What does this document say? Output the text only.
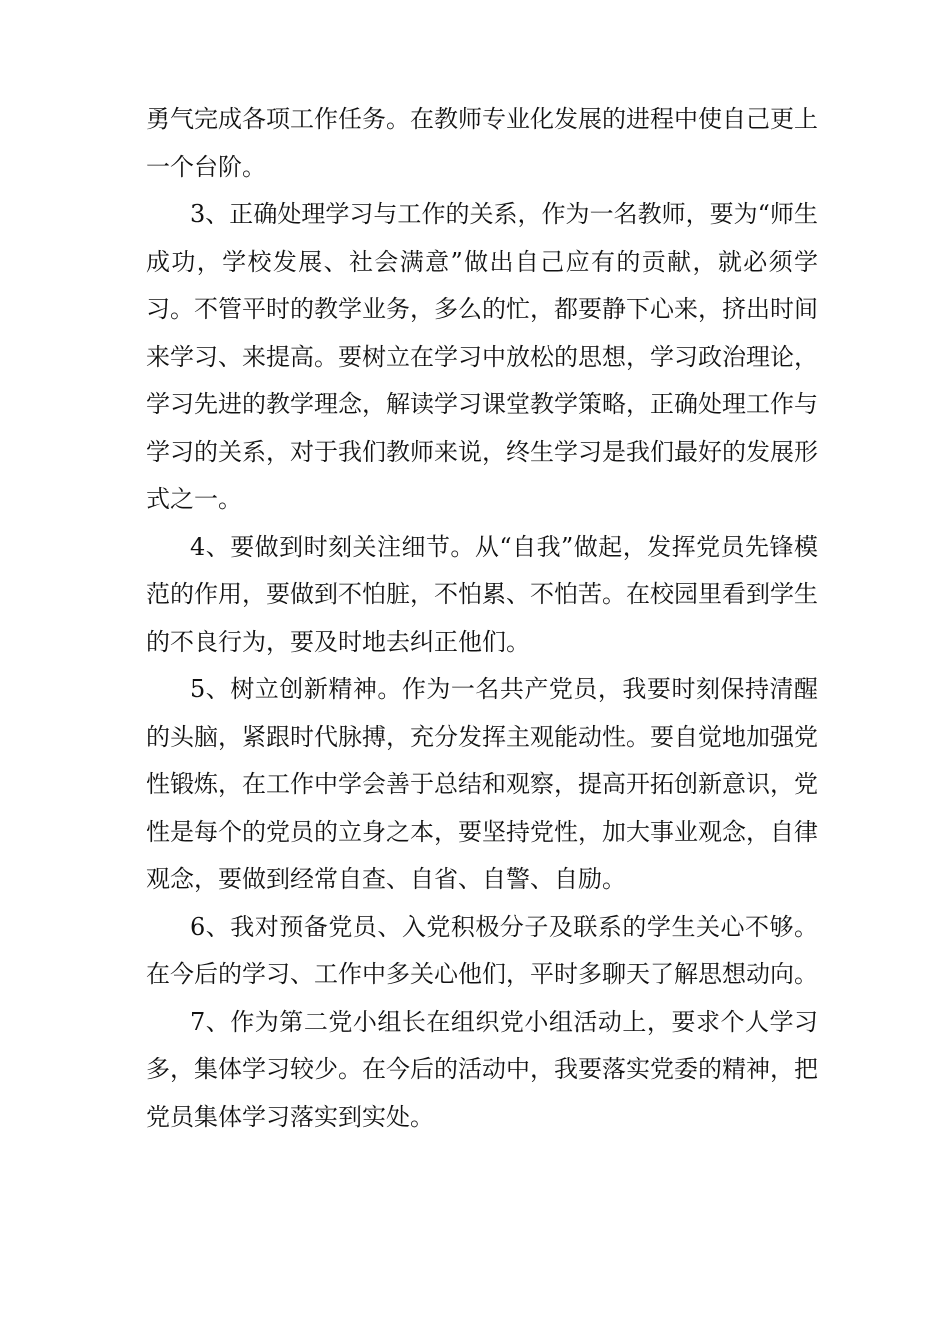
勇气完成各项工作任务。在教师专业化发展的进程中使自己更上一个台阶。

3、正确处理学习与工作的关系，作为一名教师，要为“师生成功，学校发展、社会满意”做出自己应有的贡献，就必须学习。不管平时的教学业务，多么的忙，都要静下心来，挤出时间来学习、来提高。要树立在学习中放松的思想，学习政治理论，学习先进的教学理念，解读学习课堂教学策略，正确处理工作与学习的关系，对于我们教师来说，终生学习是我们最好的发展形式之一。

4、要做到时刻关注细节。从“自我”做起，发挥党员先锋模范的作用，要做到不怕脏，不怕累、不怕苦。在校园里看到学生的不良行为，要及时地去纠正他们。

5、树立创新精神。作为一名共产党员，我要时刻保持清醒的头脑，紧跟时代脉搏，充分发挥主观能动性。要自觉地加强党性锻炼，在工作中学会善于总结和观察，提高开拓创新意识，党性是每个的党员的立身之本，要坚持党性，加大事业观念，自律观念，要做到经常自查、自省、自警、自励。

6、我对预备党员、入党积极分子及联系的学生关心不够。在今后的学习、工作中多关心他们，平时多聊天了解思想动向。

7、作为第二党小组长在组织党小组活动上，要求个人学习多，集体学习较少。在今后的活动中，我要落实党委的精神，把党员集体学习落实到实处。
